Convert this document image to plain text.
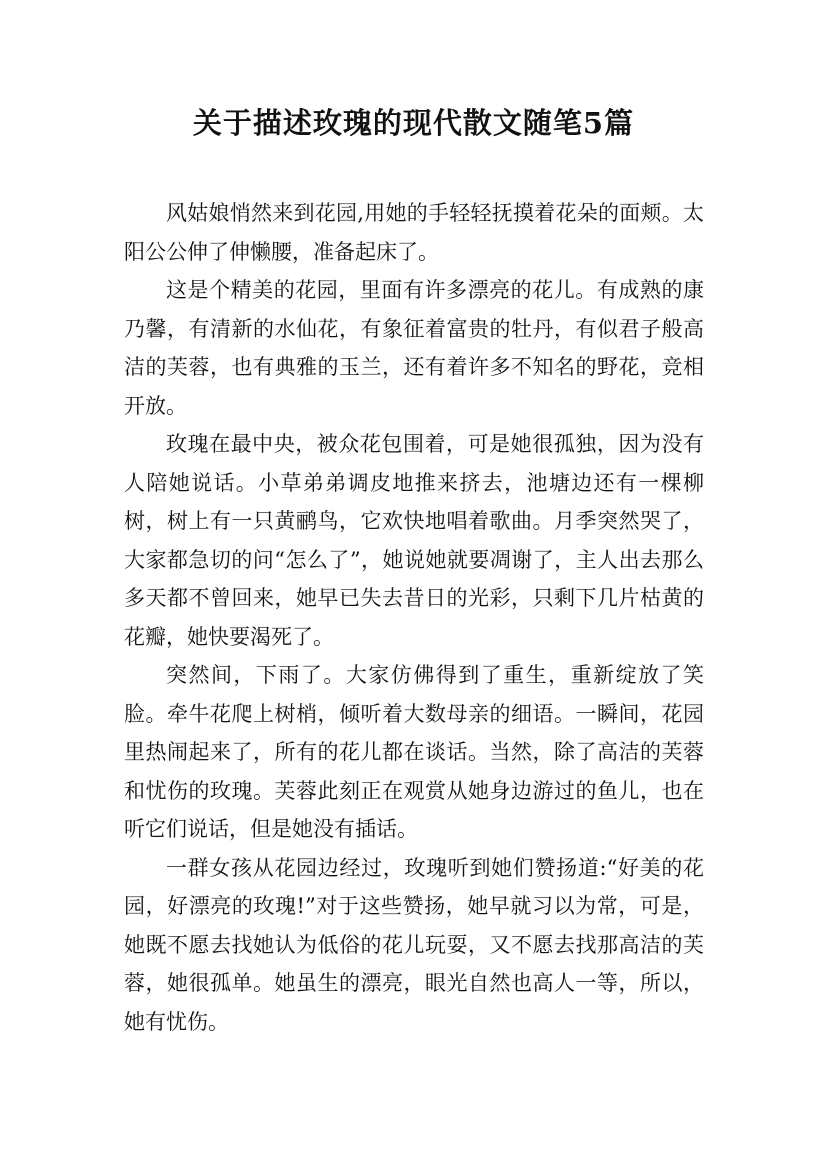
关于描述玫瑰的现代散文随笔5篇

风姑娘悄然来到花园,用她的手轻轻抚摸着花朵的面颊。太阳公公伸了伸懒腰，准备起床了。

这是个精美的花园，里面有许多漂亮的花儿。有成熟的康乃馨，有清新的水仙花，有象征着富贵的牡丹，有似君子般高洁的芙蓉，也有典雅的玉兰，还有着许多不知名的野花，竞相开放。

玫瑰在最中央，被众花包围着，可是她很孤独，因为没有人陪她说话。小草弟弟调皮地推来挤去，池塘边还有一棵柳树，树上有一只黄鹂鸟，它欢快地唱着歌曲。月季突然哭了，大家都急切的问“怎么了”，她说她就要凋谢了，主人出去那么多天都不曾回来，她早已失去昔日的光彩，只剩下几片枯黄的花瓣，她快要渴死了。

突然间，下雨了。大家仿佛得到了重生，重新绽放了笑脸。牵牛花爬上树梢，倾听着大数母亲的细语。一瞬间，花园里热闹起来了，所有的花儿都在谈话。当然，除了高洁的芙蓉和忧伤的玫瑰。芙蓉此刻正在观赏从她身边游过的鱼儿，也在听它们说话，但是她没有插话。

一群女孩从花园边经过，玫瑰听到她们赞扬道:“好美的花园，好漂亮的玫瑰!”对于这些赞扬，她早就习以为常，可是，她既不愿去找她认为低俗的花儿玩耍，又不愿去找那高洁的芙蓉，她很孤单。她虽生的漂亮，眼光自然也高人一等，所以，她有忧伤。
